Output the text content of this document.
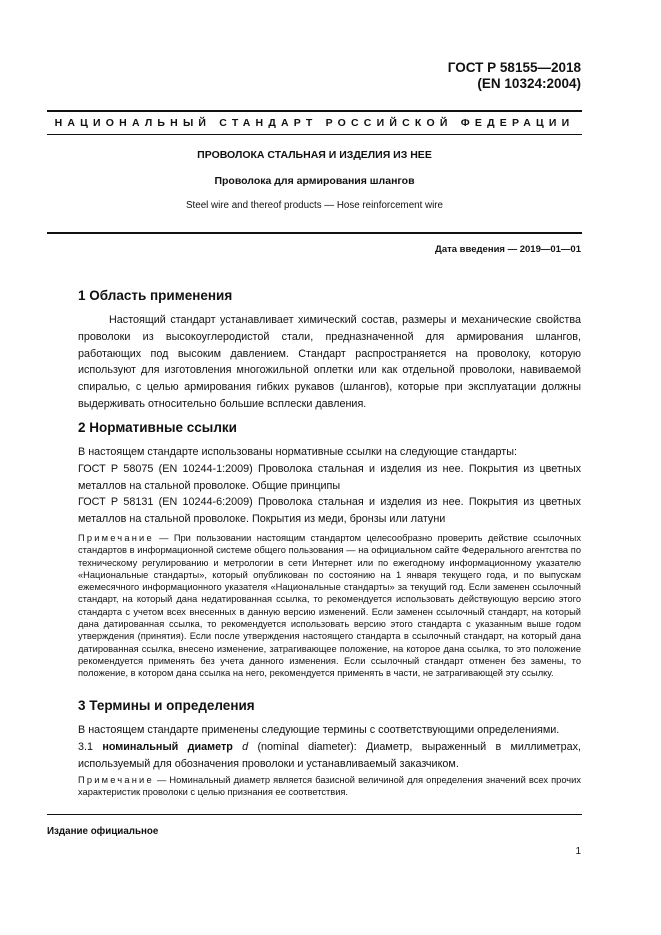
ГОСТ Р 58155—2018
(EN 10324:2004)
НАЦИОНАЛЬНЫЙ СТАНДАРТ РОССИЙСКОЙ ФЕДЕРАЦИИ
ПРОВОЛОКА СТАЛЬНАЯ И ИЗДЕЛИЯ ИЗ НЕЕ
Проволока для армирования шлангов
Steel wire and thereof products — Hose reinforcement wire
Дата введения — 2019—01—01
1 Область применения

Настоящий стандарт устанавливает химический состав, размеры и механические свойства проволоки из высокоуглеродистой стали, предназначенной для армирования шлангов, работающих под высоким давлением. Стандарт распространяется на проволоку, которую используют для изготовления многожильной оплетки или как отдельной проволоки, навиваемой спиралью, с целью армирования гибких рукавов (шлангов), которые при эксплуатации должны выдерживать относительно большие всплески давления.

2 Нормативные ссылки

В настоящем стандарте использованы нормативные ссылки на следующие стандарты:

ГОСТ Р 58075 (EN 10244-1:2009) Проволока стальная и изделия из нее. Покрытия из цветных металлов на стальной проволоке. Общие принципы

ГОСТ Р 58131 (EN 10244-6:2009) Проволока стальная и изделия из нее. Покрытия из цветных металлов на стальной проволоке. Покрытия из меди, бронзы или латуни

Примечание — При пользовании настоящим стандартом целесообразно проверить действие ссылочных стандартов в информационной системе общего пользования — на официальном сайте Федерального агентства по техническому регулированию и метрологии в сети Интернет или по ежегодному информационному указателю «Национальные стандарты», который опубликован по состоянию на 1 января текущего года, и по выпускам ежемесячного информационного указателя «Национальные стандарты» за текущий год. Если заменен ссылочный стандарт, на который дана недатированная ссылка, то рекомендуется использовать действующую версию этого стандарта с учетом всех внесенных в данную версию изменений. Если заменен ссылочный стандарт, на который дана датированная ссылка, то рекомендуется использовать версию этого стандарта с указанным выше годом утверждения (принятия). Если после утверждения настоящего стандарта в ссылочный стандарт, на который дана датированная ссылка, внесено изменение, затрагивающее положение, на которое дана ссылка, то это положение рекомендуется применять без учета данного изменения. Если ссылочный стандарт отменен без замены, то положение, в котором дана ссылка на него, рекомендуется применять в части, не затрагивающей эту ссылку.

3 Термины и определения

В настоящем стандарте применены следующие термины с соответствующими определениями.

3.1 номинальный диаметр d (nominal diameter): Диаметр, выраженный в миллиметрах, используемый для обозначения проволоки и устанавливаемый заказчиком.

Примечание — Номинальный диаметр является базисной величиной для определения значений всех прочих характеристик проволоки с целью признания ее соответствия.

Издание официальное
1
